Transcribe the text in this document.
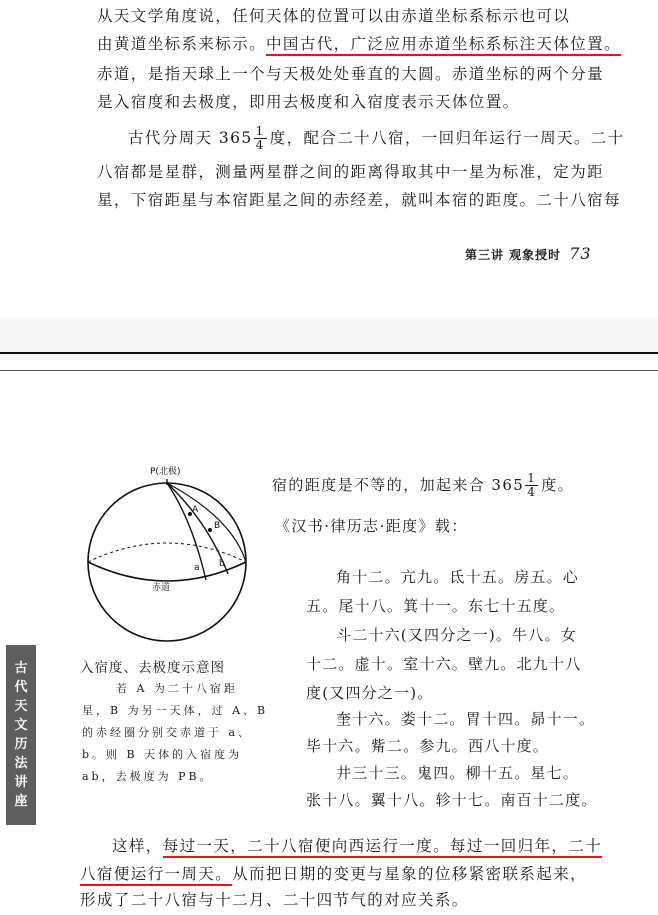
从天文学角度说，任何天体的位置可以由赤道坐标系标示也可以
由黄道坐标系来标示。中国古代，广泛应用赤道坐标系标注天体位置。
赤道，是指天球上一个与天极处处垂直的大圆。赤道坐标的两个分量
是入宿度和去极度，即用去极度和入宿度表示天体位置。
古代分周天 $365 \frac{1}{4}$ 度，配合二十八宿，一回归年运行一周天。二十
八宿都是星群，测量两星群之间的距离得取其中一星为标准，定为距
星，下宿距星与本宿距星之间的赤经差，就叫本宿的距度。二十八宿每
第三讲 观象授时 73
P(北极)
A
B
a b
赤道
入宿度、去极度示意图
若 A 为二十八宿距
星，B 为另一天体，过 A、B
的赤经圈分别交赤道于 a、
b。则 B 天体的入宿度为
ab，去极度为 PB。
古
代
天
文
历
法
讲
座
宿的距度是不等的，加起来合 $365 \frac{1}{4}$ 度。
《汉书·律历志·距度》载：
角十二。亢九。氐十五。房五。心
五。尾十八。箕十一。东七十五度。
斗二十六(又四分之一)。牛八。女
十二。虚十。室十六。壁九。北九十八
度(又四分之一)。
奎十六。娄十二。胃十四。昴十一。
毕十六。觜二。参九。西八十度。
井三十三。鬼四。柳十五。星七。
张十八。翼十八。轸十七。南百十二度。
这样，每过一天，二十八宿便向西运行一度。每过一回归年，二十
八宿便运行一周天。从而把日期的变更与星象的位移紧密联系起来，
形成了二十八宿与十二月、二十四节气的对应关系。
